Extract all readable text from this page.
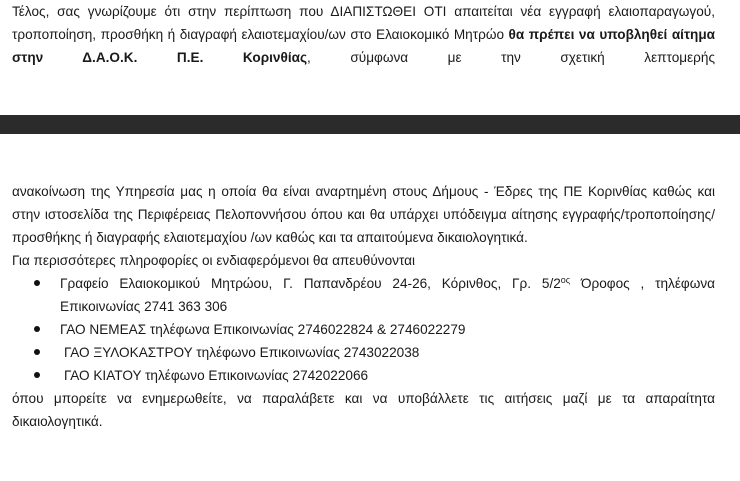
Τέλος, σας γνωρίζουμε ότι στην περίπτωση που ΔΙΑΠΙΣΤΩΘΕΙ ΟΤΙ απαιτείται νέα εγγραφή ελαιοπαραγωγού, τροποποίηση, προσθήκη ή διαγραφή ελαιοτεμαχίου/ων στο Ελαιοκομικό Μητρώο θα πρέπει να υποβληθεί αίτημα στην Δ.Α.Ο.Κ. Π.Ε. Κορινθίας, σύμφωνα με την σχετική λεπτομερής

ανακοίνωση της Υπηρεσία μας η οποία θα είναι αναρτημένη στους Δήμους - Έδρες της ΠΕ Κορινθίας καθώς και στην ιστοσελίδα της Περιφέρειας Πελοποννήσου όπου και θα υπάρχει υπόδειγμα αίτησης εγγραφής/τροποποίησης/προσθήκης ή διαγραφής ελαιοτεμαχίου /ων καθώς και τα απαιτούμενα δικαιολογητικά.

Για περισσότερες πληροφορίες οι ενδιαφερόμενοι θα απευθύνονται

Γραφείο Ελαιοκομικού Μητρώου, Γ. Παπανδρέου 24-26, Κόρινθος, Γρ. $5/2^{o\varsigma}$ Όροφος , τηλέφωνα Επικοινωνίας 2741 363 306
ΓΑΟ ΝΕΜΕΑΣ τηλέφωνα Επικοινωνίας 2746022824 & 2746022279
ΓΑΟ ΞΥΛΟΚΑΣΤΡΟΥ τηλέφωνο Επικοινωνίας 2743022038
ΓΑΟ ΚΙΑΤΟΥ τηλέφωνο Επικοινωνίας 2742022066

όπου μπορείτε να ενημερωθείτε, να παραλάβετε και να υποβάλλετε τις αιτήσεις μαζί με τα απαραίτητα δικαιολογητικά.
